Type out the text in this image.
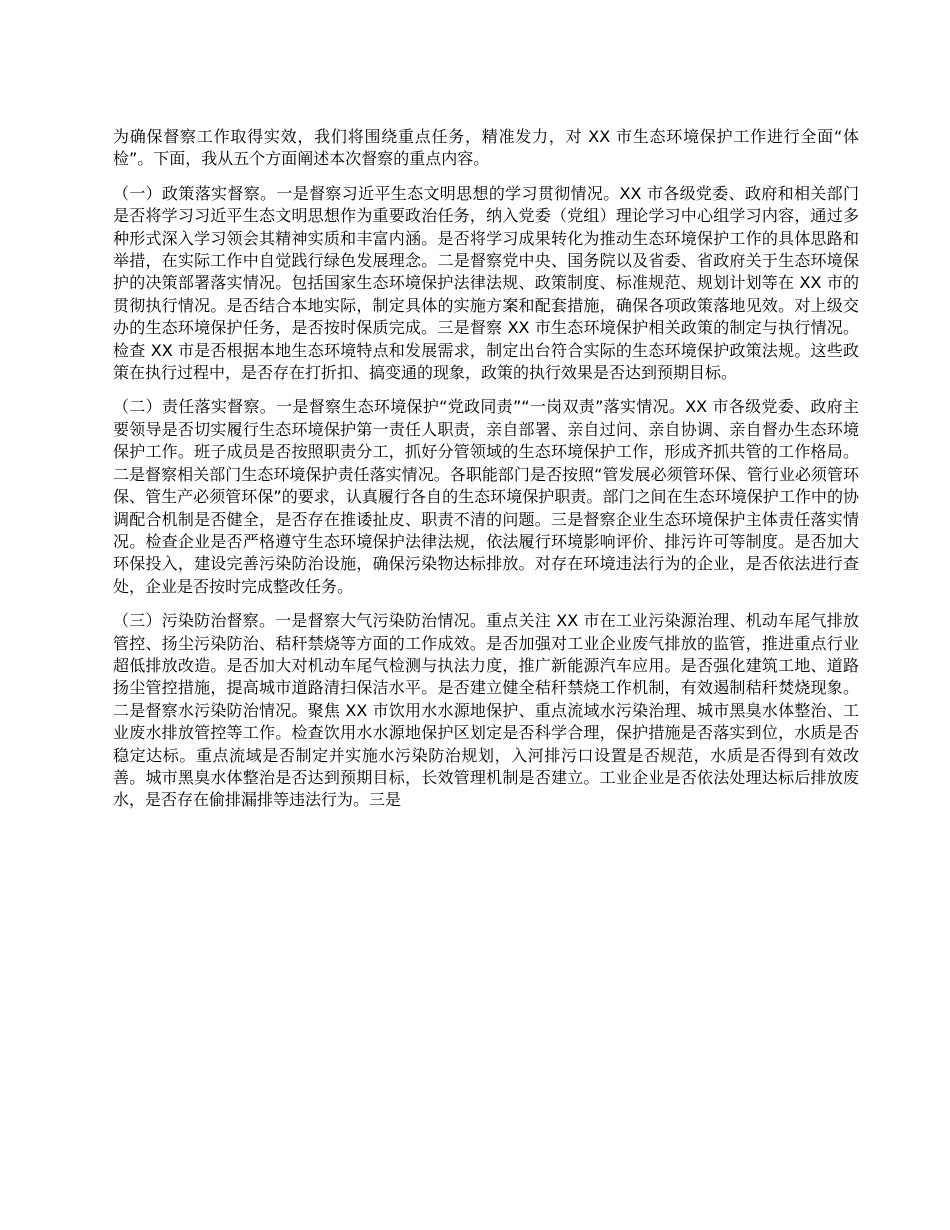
为确保督察工作取得实效，我们将围绕重点任务，精准发力，对 XX 市生态环境保护工作进行全面“体检”。下面，我从五个方面阐述本次督察的重点内容。

（一）政策落实督察。一是督察习近平生态文明思想的学习贯彻情况。XX 市各级党委、政府和相关部门是否将学习习近平生态文明思想作为重要政治任务，纳入党委（党组）理论学习中心组学习内容，通过多种形式深入学习领会其精神实质和丰富内涵。是否将学习成果转化为推动生态环境保护工作的具体思路和举措，在实际工作中自觉践行绿色发展理念。二是督察党中央、国务院以及省委、省政府关于生态环境保护的决策部署落实情况。包括国家生态环境保护法律法规、政策制度、标准规范、规划计划等在 XX 市的贯彻执行情况。是否结合本地实际，制定具体的实施方案和配套措施，确保各项政策落地见效。对上级交办的生态环境保护任务，是否按时保质完成。三是督察 XX 市生态环境保护相关政策的制定与执行情况。检查 XX 市是否根据本地生态环境特点和发展需求，制定出台符合实际的生态环境保护政策法规。这些政策在执行过程中，是否存在打折扣、搞变通的现象，政策的执行效果是否达到预期目标。

（二）责任落实督察。一是督察生态环境保护“党政同责”“一岗双责”落实情况。XX 市各级党委、政府主要领导是否切实履行生态环境保护第一责任人职责，亲自部署、亲自过问、亲自协调、亲自督办生态环境保护工作。班子成员是否按照职责分工，抓好分管领域的生态环境保护工作，形成齐抓共管的工作格局。二是督察相关部门生态环境保护责任落实情况。各职能部门是否按照“管发展必须管环保、管行业必须管环保、管生产必须管环保”的要求，认真履行各自的生态环境保护职责。部门之间在生态环境保护工作中的协调配合机制是否健全，是否存在推诿扯皮、职责不清的问题。三是督察企业生态环境保护主体责任落实情况。检查企业是否严格遵守生态环境保护法律法规，依法履行环境影响评价、排污许可等制度。是否加大环保投入，建设完善污染防治设施，确保污染物达标排放。对存在环境违法行为的企业，是否依法进行查处，企业是否按时完成整改任务。

（三）污染防治督察。一是督察大气污染防治情况。重点关注 XX 市在工业污染源治理、机动车尾气排放管控、扬尘污染防治、秸秆禁烧等方面的工作成效。是否加强对工业企业废气排放的监管，推进重点行业超低排放改造。是否加大对机动车尾气检测与执法力度，推广新能源汽车应用。是否强化建筑工地、道路扬尘管控措施，提高城市道路清扫保洁水平。是否建立健全秸秆禁烧工作机制，有效遏制秸秆焚烧现象。二是督察水污染防治情况。聚焦 XX 市饮用水水源地保护、重点流域水污染治理、城市黑臭水体整治、工业废水排放管控等工作。检查饮用水水源地保护区划定是否科学合理，保护措施是否落实到位，水质是否稳定达标。重点流域是否制定并实施水污染防治规划，入河排污口设置是否规范，水质是否得到有效改善。城市黑臭水体整治是否达到预期目标，长效管理机制是否建立。工业企业是否依法处理达标后排放废水，是否存在偷排漏排等违法行为。三是
